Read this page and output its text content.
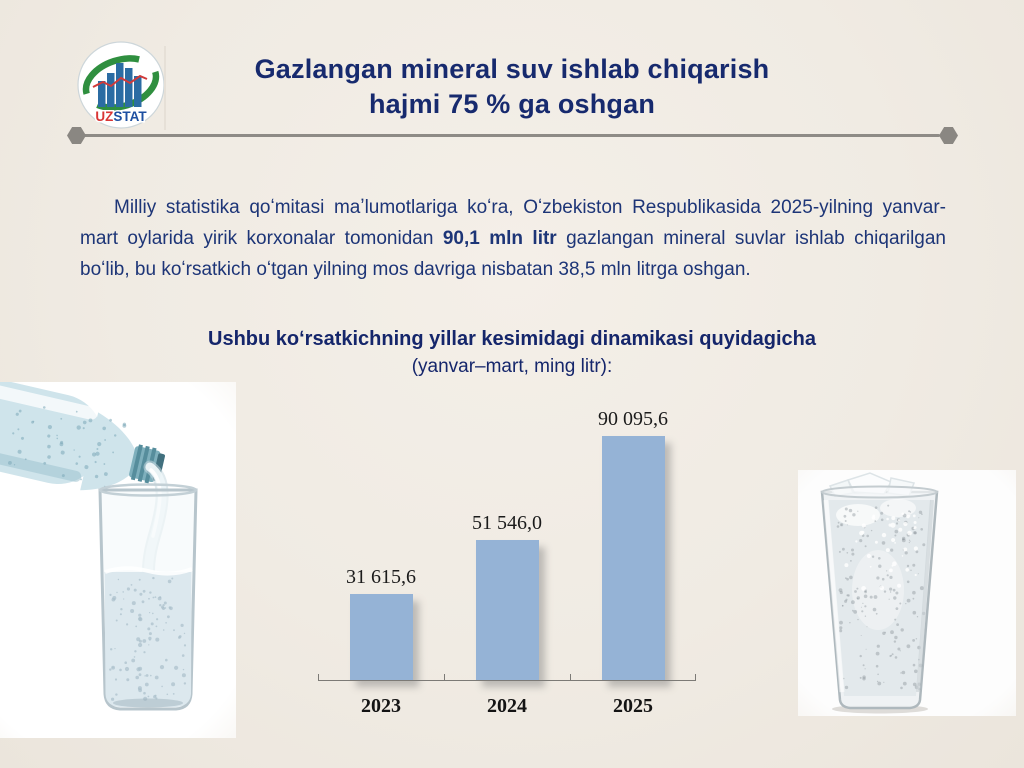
UZSTAT
Gazlangan mineral suv ishlab chiqarish
hajmi 75 % ga oshgan

Milliy statistika qoʻmitasi maʼlumotlariga koʻra, Oʻzbekiston Respublikasida 2025-yilning yanvar-mart oylarida yirik korxonalar tomonidan 90,1 mln litr gazlangan mineral suvlar ishlab chiqarilgan boʻlib, bu koʻrsatkich oʻtgan yilning mos davriga nisbatan 38,5 mln litrga oshgan.

Ushbu koʻrsatkichning yillar kesimidagi dinamikasi quyidagicha
(yanvar–mart, ming litr):
31 615,6
51 546,0
90 095,6
2023	2024	2025
